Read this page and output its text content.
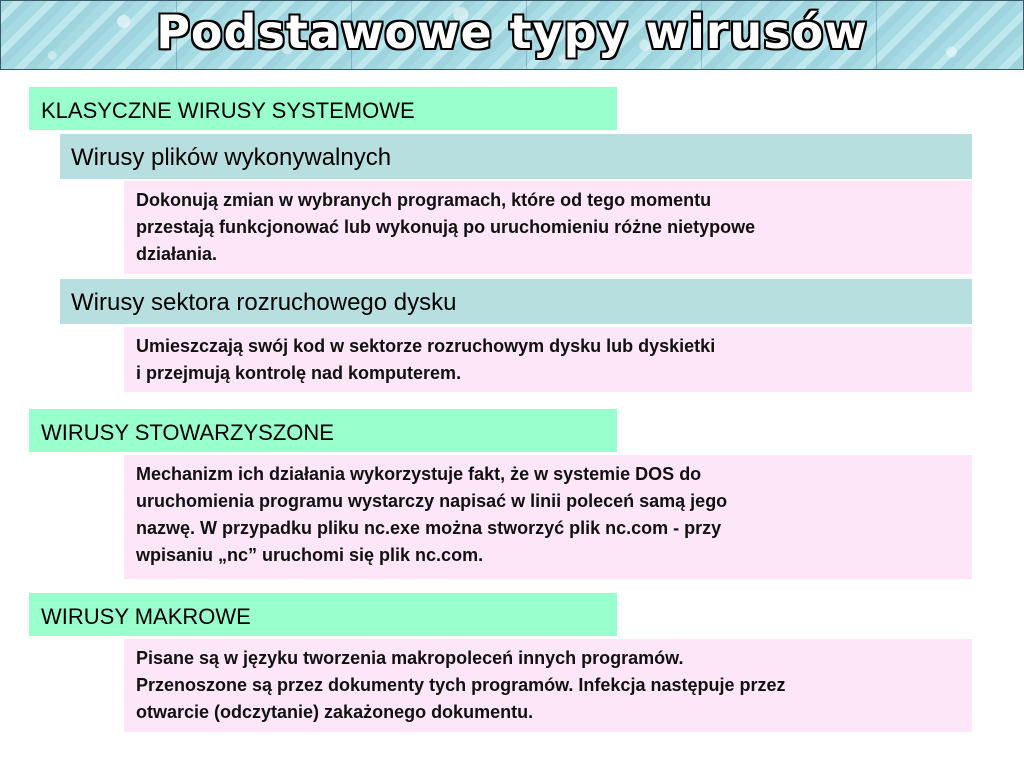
Podstawowe typy wirusów
KLASYCZNE WIRUSY SYSTEMOWE
Wirusy plików wykonywalnych
Dokonują zmian w wybranych programach, które od tego momentu
przestają funkcjonować lub wykonują po uruchomieniu różne nietypowe
działania.
Wirusy sektora rozruchowego dysku
Umieszczają swój kod w sektorze rozruchowym dysku lub dyskietki
i przejmują kontrolę nad komputerem.
WIRUSY STOWARZYSZONE
Mechanizm ich działania wykorzystuje fakt, że w systemie DOS do
uruchomienia programu wystarczy napisać w linii poleceń samą jego
nazwę. W przypadku pliku nc.exe można stworzyć plik nc.com - przy
wpisaniu „nc” uruchomi się plik nc.com.
WIRUSY MAKROWE
Pisane są w języku tworzenia makropoleceń innych programów.
Przenoszone są przez dokumenty tych programów. Infekcja następuje przez
otwarcie (odczytanie) zakażonego dokumentu.
